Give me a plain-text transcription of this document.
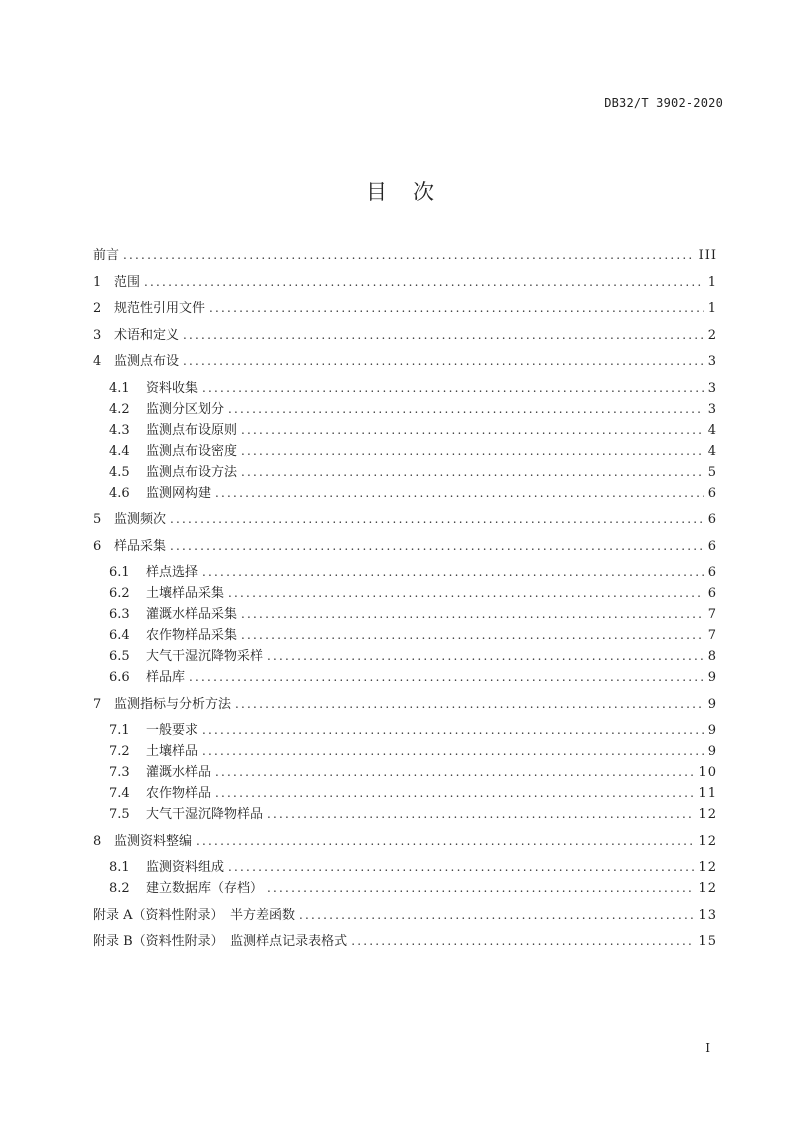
DB32/T 3902-2020
目 次
前言 .....	III
1 范围 .....	1
2 规范性引用文件 .....	1
3 术语和定义 .....	2
4 监测点布设 .....	3
4.1	资料收集 .....	3
4.2	监测分区划分 .....	3
4.3	监测点布设原则 .....	4
4.4	监测点布设密度 .....	4
4.5	监测点布设方法 .....	5
4.6	监测网构建 .....	6
5 监测频次 .....	6
6 样品采集 .....	6
6.1	样点选择 .....	6
6.2	土壤样品采集 .....	6
6.3	灌溉水样品采集 .....	7
6.4	农作物样品采集 .....	7
6.5	大气干湿沉降物采样 .....	8
6.6	样品库 .....	9
7 监测指标与分析方法 .....	9
7.1	一般要求 .....	9
7.2	土壤样品 .....	9
7.3	灌溉水样品 .....	10
7.4	农作物样品 .....	11
7.5	大气干湿沉降物样品 .....	12
8 监测资料整编 .....	12
8.1	监测资料组成 .....	12
8.2	建立数据库（存档） .....	12
附录 A（资料性附录）　半方差函数 .....	13
附录 B（资料性附录）　监测样点记录表格式 .....	15
I
